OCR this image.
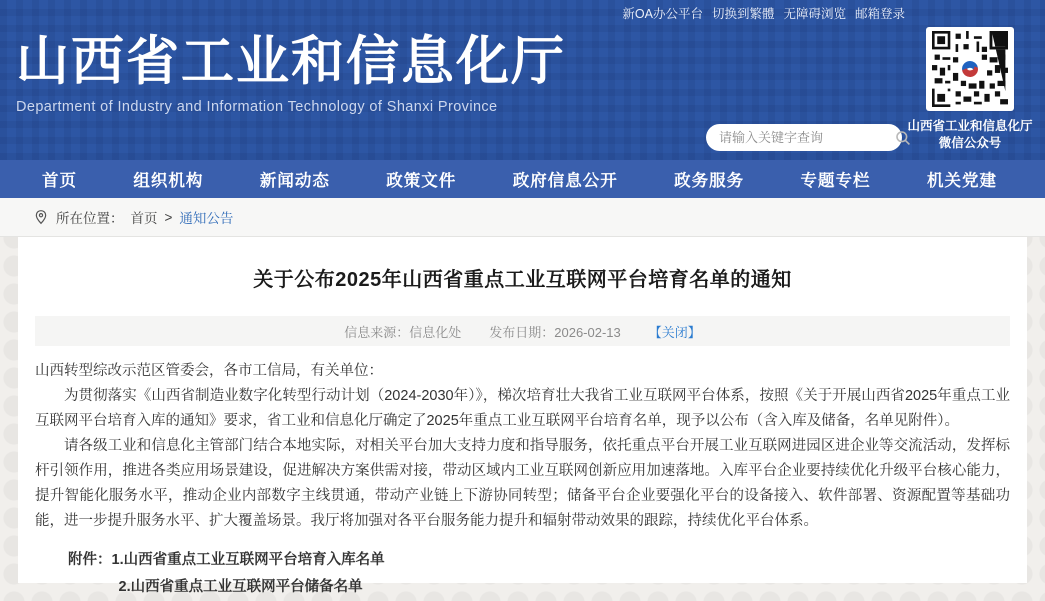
新OA办公平台 切换到繁體 无障碍浏览 邮箱登录
山西省工业和信息化厅
Department of Industry and Information Technology of Shanxi Province
请输入关键字查询
山西省工业和信息化厅
微信公众号
首页	组织机构	新闻动态	政策文件	政府信息公开	政务服务	专题专栏	机关党建
所在位置： 首页 > 通知公告
关于公布2025年山西省重点工业互联网平台培育名单的通知
信息来源：信息化处 发布日期：2026-02-13 【关闭】

山西转型综改示范区管委会，各市工信局，有关单位：

为贯彻落实《山西省制造业数字化转型行动计划（2024-2030年）》，梯次培育壮大我省工业互联网平台体系，按照《关于开展山西省2025年重点工业互联网平台培育入库的通知》要求，省工业和信息化厅确定了2025年重点工业互联网平台培育名单，现予以公布（含入库及储备，名单见附件）。

请各级工业和信息化主管部门结合本地实际，对相关平台加大支持力度和指导服务，依托重点平台开展工业互联网进园区进企业等交流活动，发挥标杆引领作用，推进各类应用场景建设，促进解决方案供需对接，带动区域内工业互联网创新应用加速落地。入库平台企业要持续优化升级平台核心能力，提升智能化服务水平，推动企业内部数字主线贯通，带动产业链上下游协同转型；储备平台企业要强化平台的设备接入、软件部署、资源配置等基础功能，进一步提升服务水平、扩大覆盖场景。我厅将加强对各平台服务能力提升和辐射带动效果的跟踪，持续优化平台体系。

附件： 1.山西省重点工业互联网平台培育入库名单
2.山西省重点工业互联网平台储备名单
